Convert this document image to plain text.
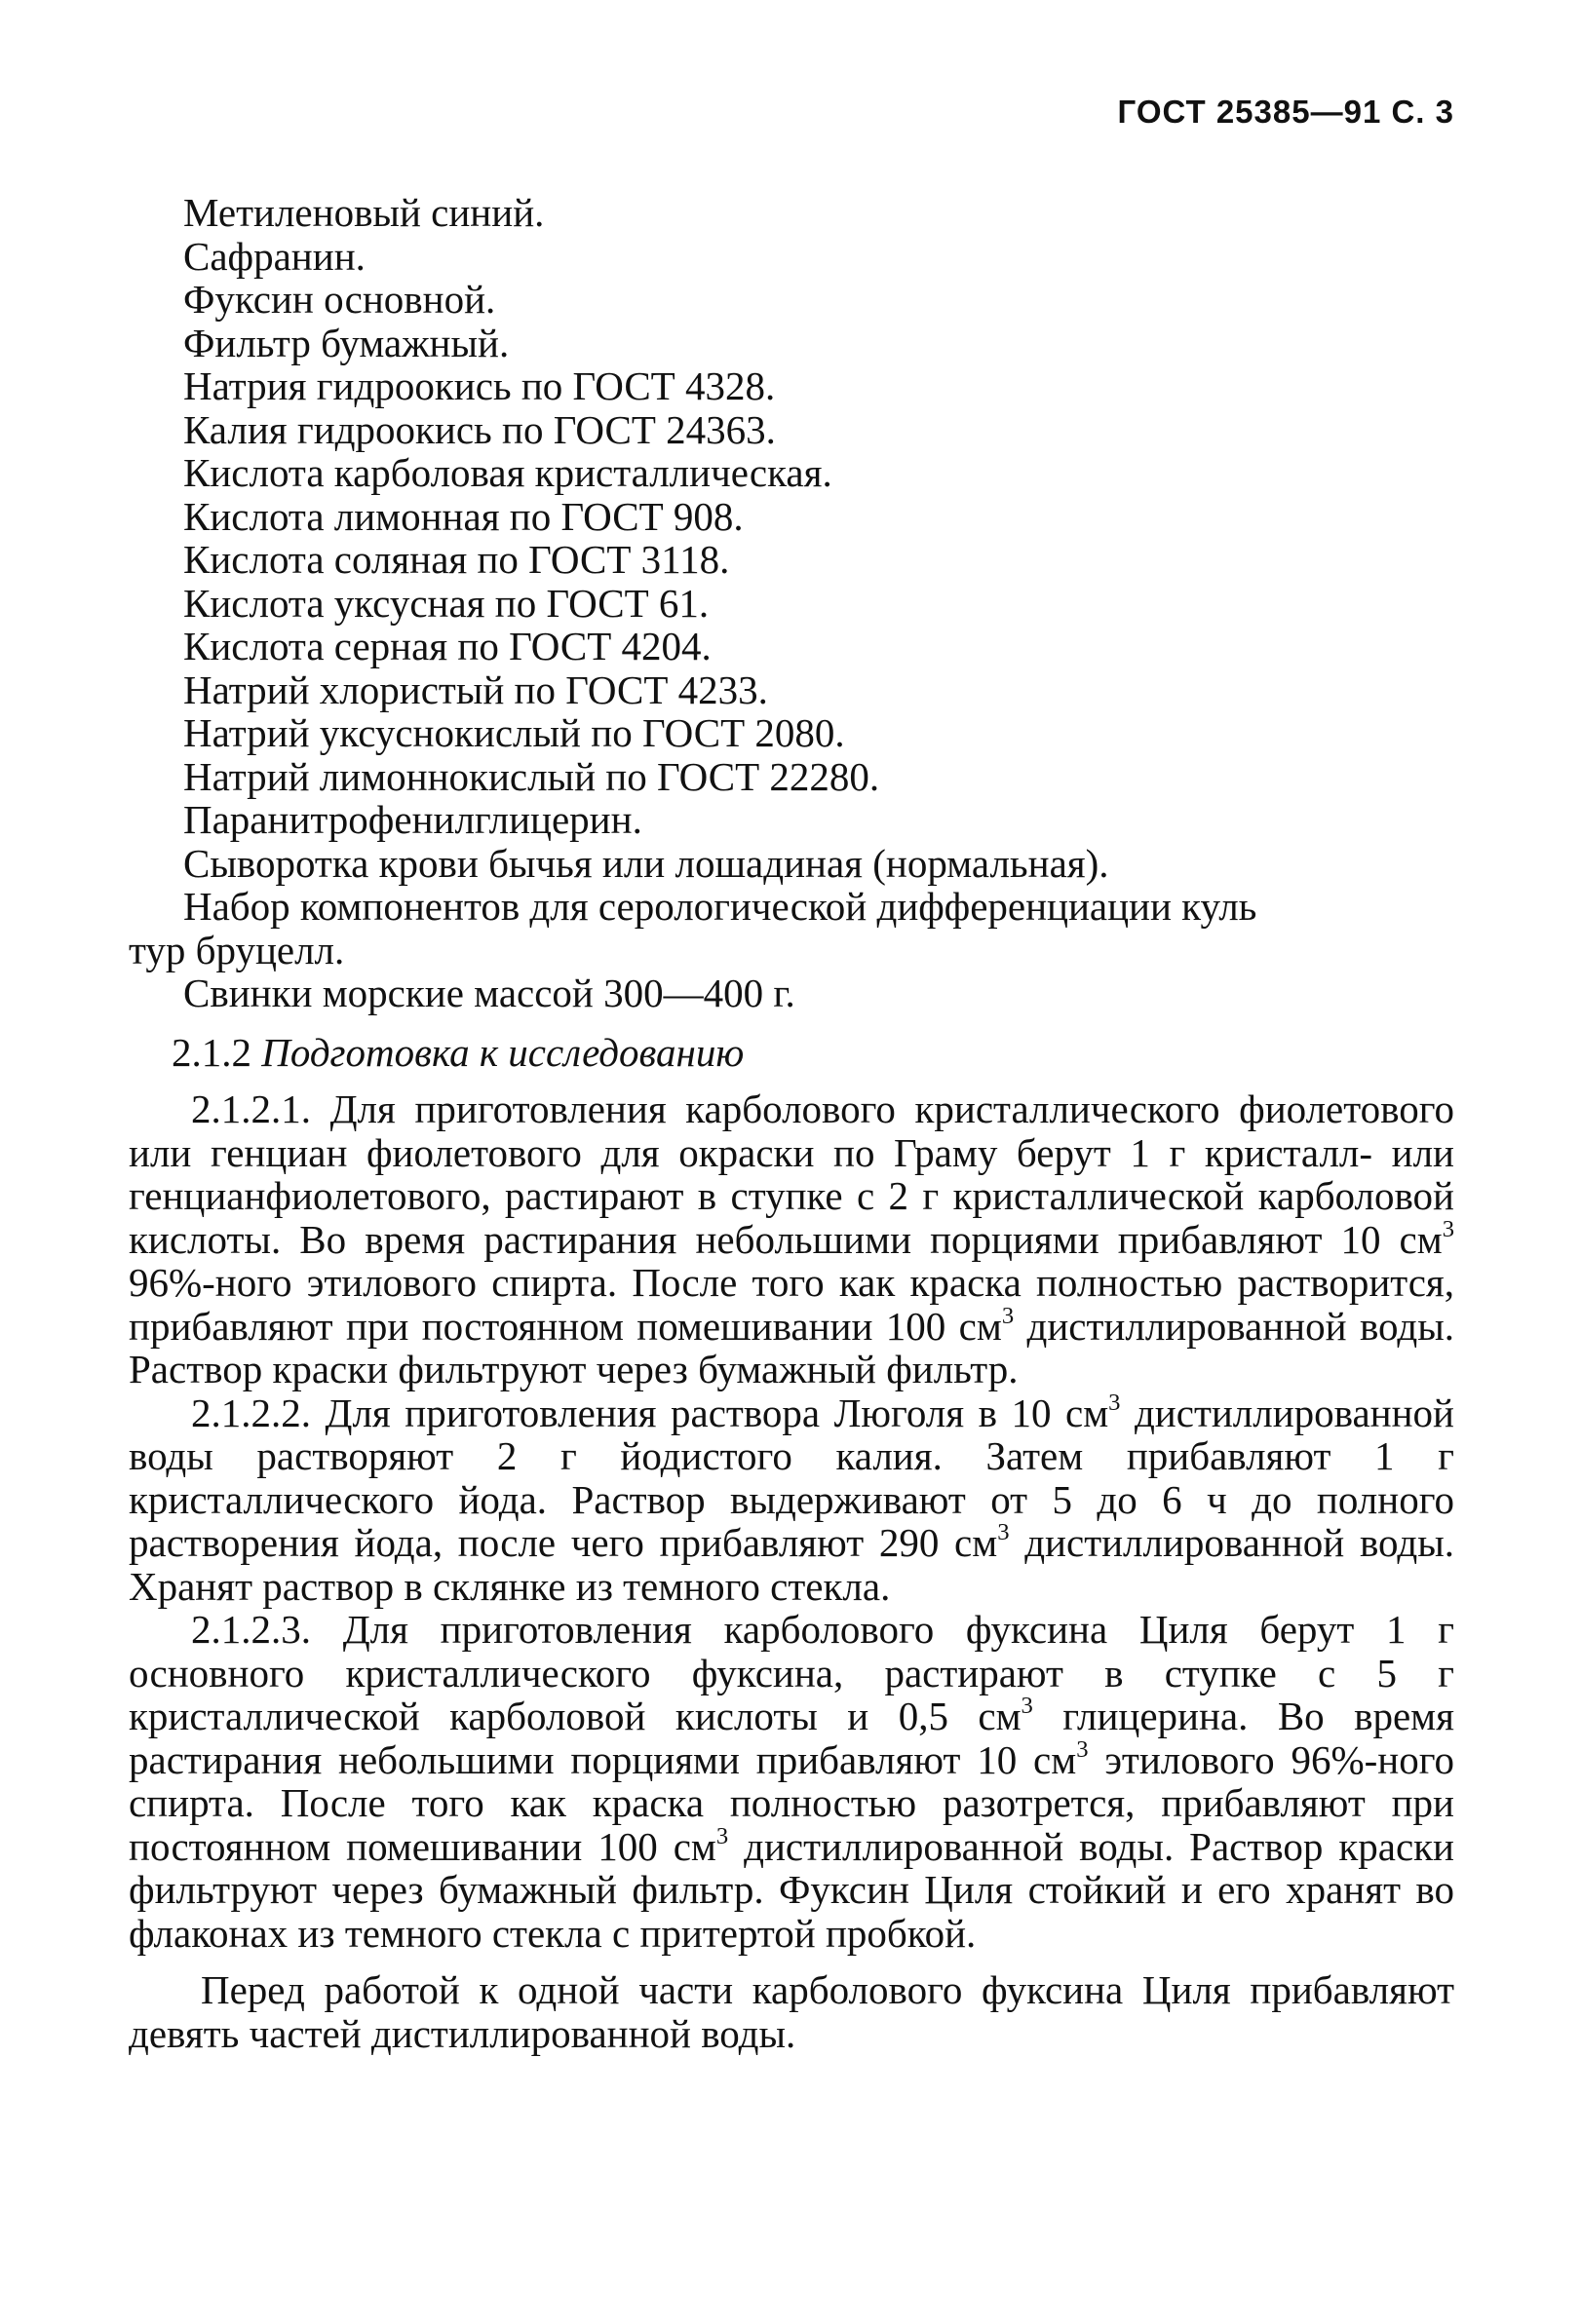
ГОСТ 25385—91 С. 3
Метиленовый синий.
Сафранин.
Фуксин основной.
Фильтр бумажный.
Натрия гидроокись по ГОСТ 4328.
Калия гидроокись по ГОСТ 24363.
Кислота карболовая кристаллическая.
Кислота лимонная по ГОСТ 908.
Кислота соляная по ГОСТ 3118.
Кислота уксусная по ГОСТ 61.
Кислота серная по ГОСТ 4204.
Натрий хлористый по ГОСТ 4233.
Натрий уксуснокислый по ГОСТ 2080.
Натрий лимоннокислый по ГОСТ 22280.
Паранитрофенилглицерин.
Сыворотка крови бычья или лошадиная (нормальная).
Набор компонентов для серологической дифференциации куль
тур бруцелл.
Свинки морские массой 300—400 г.
2.1.2 Подготовка к исследованию
2.1.2.1. Для приготовления карболового кристаллического фиолетового или генциан фиолетового для окраски по Граму берут 1 г кристалл- или генцианфиолетового, растирают в ступке с 2 г кристаллической карболовой кислоты. Во время растирания небольшими порциями прибавляют 10 $см^3$ 96%-ного этилового спирта. После того как краска полностью растворится, прибавляют при постоянном помешивании 100 $см^3$ дистиллированной воды. Раствор краски фильтруют через бумажный фильтр.
2.1.2.2. Для приготовления раствора Люголя в 10 $см^3$ дистиллированной воды растворяют 2 г йодистого калия. Затем прибавляют 1 г кристаллического йода. Раствор выдерживают от 5 до 6 ч до полного растворения йода, после чего прибавляют 290 $см^3$ дистиллированной воды. Хранят раствор в склянке из темного стекла.
2.1.2.3. Для приготовления карболового фуксина Циля берут 1 г основного кристаллического фуксина, растирают в ступке с 5 г кристаллической карболовой кислоты и 0,5 $см^3$ глицерина. Во время растирания небольшими порциями прибавляют 10 $см^3$ этилового 96%-ного спирта. После того как краска полностью разотрется, прибавляют при постоянном помешивании 100 $см^3$ дистиллированной воды. Раствор краски фильтруют через бумажный фильтр. Фуксин Циля стойкий и его хранят во флаконах из темного стекла с притертой пробкой.
Перед работой к одной части карболового фуксина Циля прибавляют девять частей дистиллированной воды.
